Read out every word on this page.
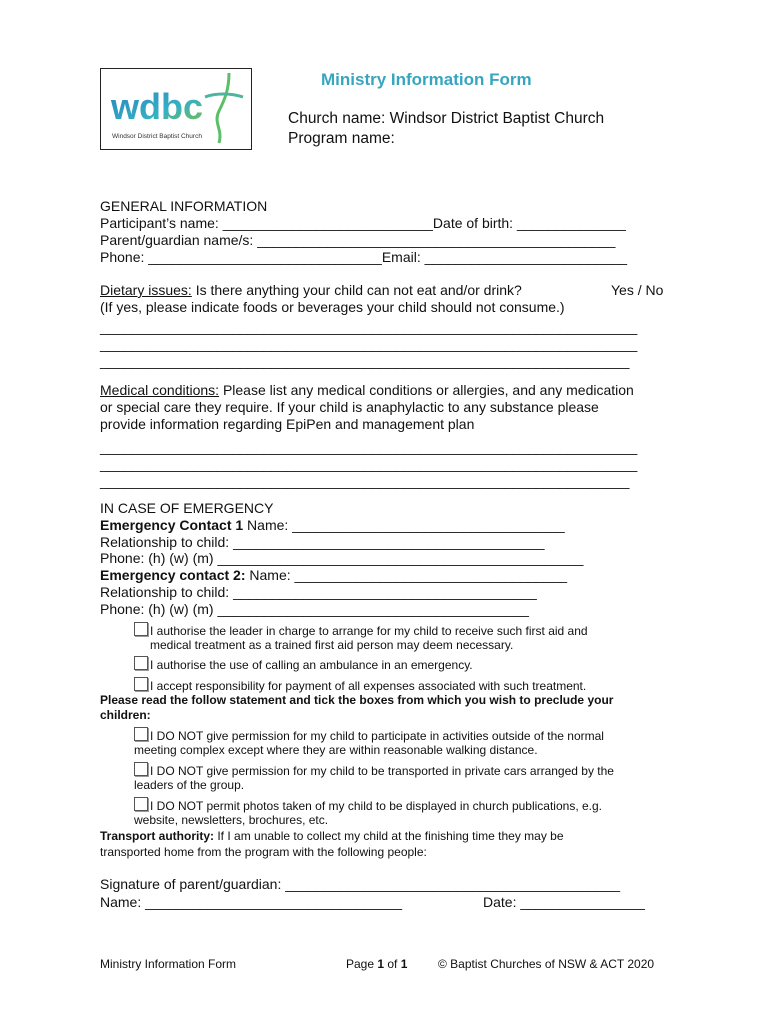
wdbc
Windsor District Baptist Church
Ministry Information Form
Church name: Windsor District Baptist Church
Program name:
GENERAL INFORMATION
Participant’s name: ___________________________Date of birth: ______________
Parent/guardian name/s: ______________________________________________
Phone: ______________________________Email: __________________________
Dietary issues: Is there anything your child can not eat and/or drink?	Yes / No
(If yes, please indicate foods or beverages your child should not consume.)
_____________________________________________________________________
_____________________________________________________________________
____________________________________________________________________
Medical conditions: Please list any medical conditions or allergies, and any medication
or special care they require. If your child is anaphylactic to any substance please
provide information regarding EpiPen and management plan
_____________________________________________________________________
_____________________________________________________________________
____________________________________________________________________
IN CASE OF EMERGENCY
Emergency Contact 1 Name: ___________________________________
Relationship to child: ________________________________________
Phone: (h) (w) (m) _______________________________________________
Emergency contact 2: Name: ___________________________________
Relationship to child: _______________________________________
Phone: (h) (w) (m) ________________________________________
I authorise the leader in charge to arrange for my child to receive such first aid and
medical treatment as a trained first aid person may deem necessary.
I authorise the use of calling an ambulance in an emergency.
I accept responsibility for payment of all expenses associated with such treatment.
Please read the follow statement and tick the boxes from which you wish to preclude your
children:
I DO NOT give permission for my child to participate in activities outside of the normal
meeting complex except where they are within reasonable walking distance.
I DO NOT give permission for my child to be transported in private cars arranged by the
leaders of the group.
I DO NOT permit photos taken of my child to be displayed in church publications, e.g.
website, newsletters, brochures, etc.
Transport authority: If I am unable to collect my child at the finishing time they may be
transported home from the program with the following people:
Signature of parent/guardian: ___________________________________________
Name: _________________________________	Date: ________________
Ministry Information Form	Page 1 of 1	© Baptist Churches of NSW & ACT 2020
